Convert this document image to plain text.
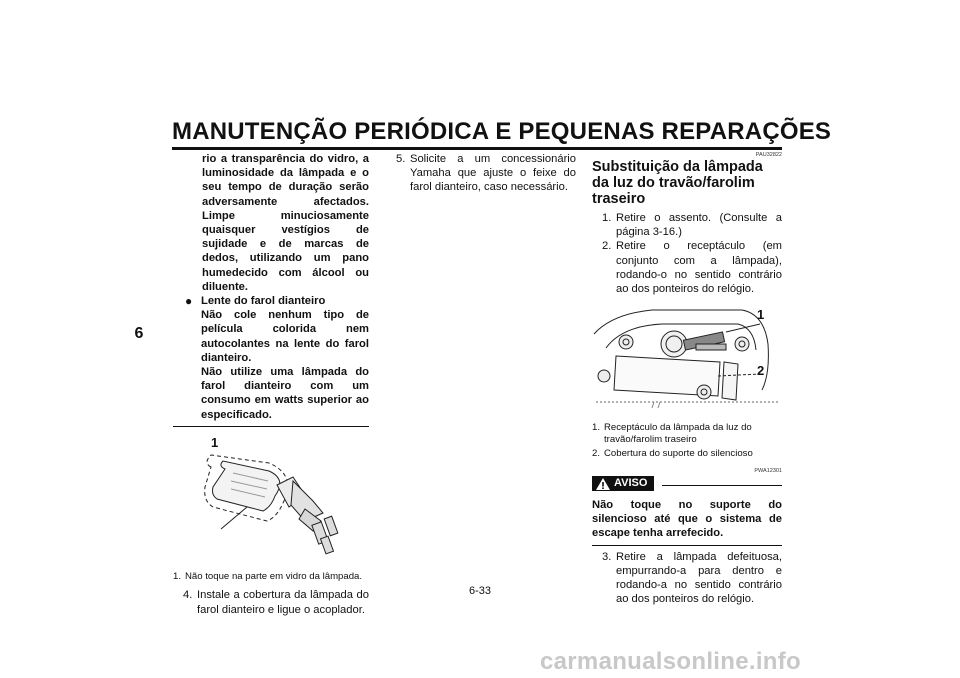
MANUTENÇÃO PERIÓDICA E PEQUENAS REPARAÇÕES
6
rio a transparência do vidro, a luminosidade da lâmpada e o seu tempo de duração serão adversamente afectados. Limpe minuciosamente quaisquer vestígios de sujidade e de marcas de dedos, utilizando um pano humedecido com álcool ou diluente.
● Lente do farol dianteiro
Não cole nenhum tipo de película colorida nem autocolantes na lente do farol dianteiro.
Não utilize uma lâmpada do farol dianteiro com um consumo em watts superior ao especificado.
1
1. Não toque na parte em vidro da lâmpada.
4. Instale a cobertura da lâmpada do farol dianteiro e ligue o acoplador.
5. Solicite a um concessionário Yamaha que ajuste o feixe do farol dianteiro, caso necessário.
PAU32822
Substituição da lâmpada da luz do travão/farolim traseiro
1. Retire o assento. (Consulte a página 3-16.)
2. Retire o receptáculo (em conjunto com a lâmpada), rodando-o no sentido contrário ao dos ponteiros do relógio.
1
2
1. Receptáculo da lâmpada da luz do travão/farolim traseiro
2. Cobertura do suporte do silencioso
PWA12301
AVISO
Não toque no suporte do silencioso até que o sistema de escape tenha arrefecido.
3. Retire a lâmpada defeituosa, empurrando-a para dentro e rodando-a no sentido contrário ao dos ponteiros do relógio.
6-33
carmanualsonline.info
